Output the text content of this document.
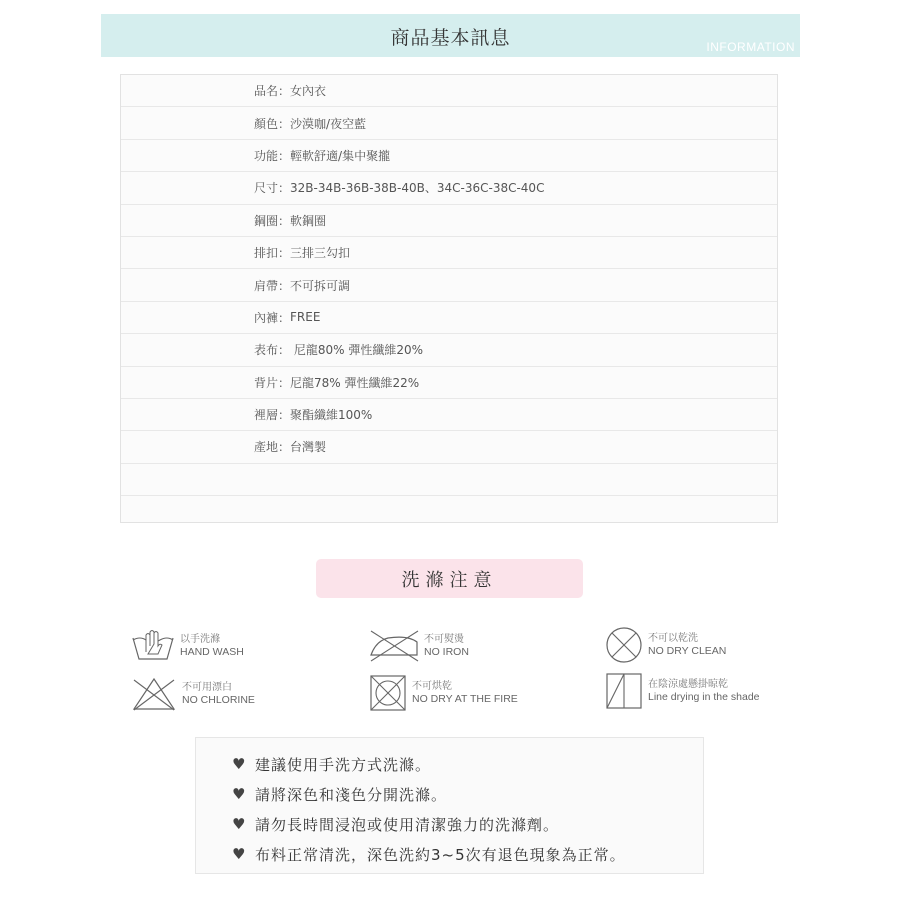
商品基本訊息	INFORMATION
品名 ： 女內衣
顏色 ： 沙漠咖/夜空藍
功能 ： 輕軟舒適/集中聚攏
尺寸 ： 32B-34B-36B-38B-40B、34C-36C-38C-40C
鋼圈 ： 軟鋼圈
排扣 ： 三排三勾扣
肩帶 ： 不可拆可調
內褲 ： FREE
表布 ： 尼龍80% 彈性纖維20%
背片 ： 尼龍78% 彈性纖維22%
裡層 ： 聚酯纖維100%
產地 ： 台灣製
洗滌注意
以手洗滌
HAND WASH
不可熨燙
NO IRON
不可以乾洗
NO DRY CLEAN
不可用漂白
NO CHLORINE
不可烘乾
NO DRY AT THE FIRE
在陰涼處懸掛晾乾
Line drying in the shade
♥ 建議使用手洗方式洗滌。
♥ 請將深色和淺色分開洗滌。
♥ 請勿長時間浸泡或使用清潔強力的洗滌劑。
♥ 布料正常清洗，深色洗約3~5次有退色現象為正常。
